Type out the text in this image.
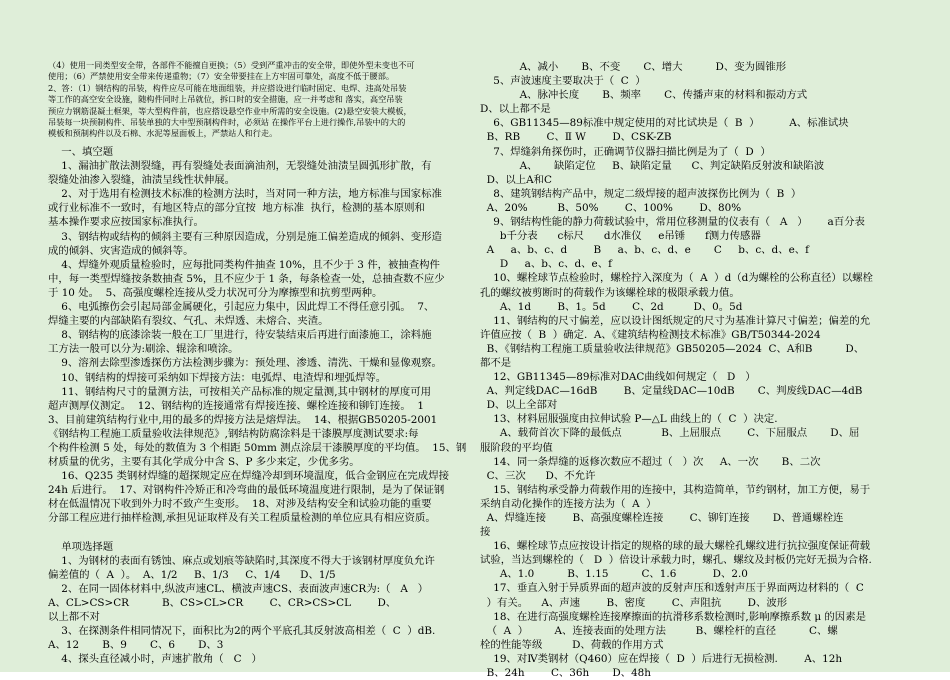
（4）使用一同类型安全带，各部件不能擅自更换；（5）受到严重冲击的安全带，即使外型未变也不可
使用；（6）严禁使用安全带来传递重物；（7）安全带要挂在上方牢固可靠处，高度不低于腰部。
2、答：（1）钢结构的吊装，构件应尽可能在地面组装，并应搭设进行临时固定、电焊、违高处吊装
等工作的高空安全设施，随构件同时上吊就位，拆口时的安全措施，应一并考虑和 落实，高空吊装
预应力钢筋混凝土框架，等大型构件前，也应搭设悬空作业中所需的安全设施。(2)悬空安装大模板，
吊装每一块预制构件、吊装单独的大中型预制构件时，必须站 在操作平台上进行操作,吊装中的大的
模板和预制构件以及石棉、水泥等屋面板上，严禁站人和行走。
一、填空题
1、漏油扩散法测裂缝，再有裂缝处表面滴油剂，无裂缝处油渍呈圆弧形扩散，有
裂缝处油渗入裂缝，油渍呈线性状伸展。
2、对于选用有检测技术标准的检测方法时，当对同一种方法，地方标准与国家标准
或行业标准不一致时，有地区特点的部分宜按  地方标准  执行，检测的基本原则和
基本操作要求应按国家标准执行。
3、钢结构或结构的倾斜主要有三种原因造成，分别是施工偏差造成的倾斜、变形造
成的倾斜、灾害造成的倾斜等。
4、焊缝外观质量检验时，应每批同类构件抽查 10%，且不少于 3 件，被抽查构件
中，每一类型焊缝按条数抽查 5%，且不应少于 1 条，每条检查一处，总抽查数不应少
于 10 处。  5、高强度螺栓连接从受力状况可分为摩擦型和抗剪型两种。
6、电弧擦伤会引起局部金属硬化，引起应力集中，因此焊工不得任意引弧。  7、
焊缝主要的内部缺陷有裂纹、气孔、未焊透、未熔合、夹渣。
8、钢结构的底漆涂装一般在工厂里进行，待安装结束后再进行面漆施工，涂料施
工方法一般可以分为:刷涂、辊涂和喷涂。
9、溶剂去除型渗透探伤方法检测步骤为：预处理、渗透、清洗、干燥和显像观察。
10、钢结构的焊接可采纳如下焊接方法：电弧焊、电渣焊和埋弧焊等。
11、钢结构尺寸的量测方法，可按相关产品标准的规定量测,其中钢材的厚度可用
超声测厚仪测定。  12、钢结构的连接通常有焊接连接、螺栓连接和铆钉连接。  1
3、目前建筑结构行业中,用的最多的焊接方法是熔焊法。  14、根据GB50205-2001
《钢结构工程施工质量验收法律规范》,钢结构防腐涂料是干漆膜厚度测试要求:每
个构件检测 5 处，每处的数值为 3 个相距 50mm 测点涂层干漆膜厚度的平均值。  15、钢
材质量的优劣，主要有其化学成分中含 S、P 多少来定，少优多劣。
16、Q235 类钢材焊缝的超探规定应在焊缝冷却到环境温度，低合金钢应在完成焊接
24h 后进行。  17、对钢构件冷矫正和冷弯曲的最低环境温度进行限制，是为了保证钢
材在低温情况下收到外力时不致产生变形。  18、对涉及结构安全和试验功能的重要
分部工程应进行抽样检测,承担见证取样及有关工程质量检测的单位应具有相应资质。

单项选择题
1、为钢材的表面有锈蚀、麻点或划痕等缺陷时,其深度不得大于该钢材厚度负允许
偏差值的（  A  ）。  A、1/2     B、1/3     C、1/4      D、1/5
2、在同一固体材料中,纵波声速CL、横波声速CS、表面波声速CR为:（   A   ）
A、CL>CS>CR          B、CS>CL>CR        C、CR>CS>CL        D、
以上都不对
3、在探测条件相同情况下，面积比为2的两个平底孔其反射波高相差（  C  ）dB.
A、12       B、9       C、6       D、3
4、探头直径减小时，声速扩散角（   C   ）
A、减小       B、不变       C、增大          D、变为圆锥形
5、声波速度主要取决于（  C  ）
A、脉冲长度       B、频率       C、传播声束的材料和振动方式
D、以上都不是
6、GB11345—89标准中规定使用的对比试块是（  B  ）         A、标准试块
B、RB        C、Ⅱ W        D、CSK-ZB
7、焊缝斜角探伤时，正确调节仪器扫描比例是为了（  D  ）
A、     缺陷定位     B、缺陷定量      C、判定缺陷反射波和缺陷波
D、以上A和C
8、建筑钢结构产品中，规定二级焊接的超声波探伤比例为（  B  ）
A、20%         B、50%        C、100%        D、80%
9、钢结构性能的静力荷载试验中，常用位移测量的仪表有（   A   ）      a百分表
b千分表      c标尺      d水准仪     e吊锤      f测力传感器
A     a、b、c、d        B     a、b、c、d、e       C     b、c、d、e、f
D     a、b、c、d、e、f
10、螺栓球节点检验时，螺栓拧入深度为（  A  ）d（d为螺栓的公称直径）以螺栓
孔的螺纹被剪断时的荷载作为该螺栓球的极限承载力值。
A、1d        B、1。5d        C、2d         D、0。5d
11、钢结构的尺寸偏差，应以设计图纸规定的尺寸为基准计算尺寸偏差；偏差的允
许值应按（  B  ）确定.  A、《建筑结构检测技术标准》GB/T50344-2024
B、《钢结构工程施工质量验收法律规范》GB50205—2024  C、A和B          D、
都不是
12、GB11345—89标准对DAC曲线如何规定（   D   ）
A、判定线DAC—16dB        B、定量线DAC—10dB       C、判废线DAC—4dB
D、以上全部对
13、材料屈服强度由拉伸试验 P—△L 曲线上的（  C  ）决定.
A、载荷首次下降的最低点            B、上屈服点        C、下屈服点       D、屈
服阶段的平均值
14、同一条焊缝的返修次数应不超过（   ）次     A、一次       B、二次
C、三次      D、不允许
15、钢结构承受静力荷载作用的连接中，其构造简单，节约钢材，加工方便，易于
采纳自动化操作的连接方法为（  A  ）
A、焊缝连接        B、高强度螺栓连接        C、铆钉连接       D、普通螺栓连
接
16、螺栓球节点应按设计指定的规格的球的最大螺栓孔螺纹进行抗拉强度保证荷载
试验，当达到螺栓的（   D  ）倍设计承载力时，螺孔、螺纹及封板仍完好无损为合格.
A、1.0          B、1.15          C、1.6           D、2.0
17、垂直入射于异质界面的超声波的反射声压和透射声压于界面两边材料的（  C
）有关。    A、声速        B、密度        C、声阻抗        D、波形
18、在进行高强度螺栓连接摩擦面的抗滑移系数检测时,影响摩擦系数 μ 的因素是
（  A  ）        A、连接表面的处理方法         B、螺栓杆的直径          C、螺
栓的性能等级         D、荷载的作用方式
19、对Ⅳ类钢材（Q460）应在焊接（  D  ）后进行无损检测.        A、12h
B、24h        C、36h       D、48h
